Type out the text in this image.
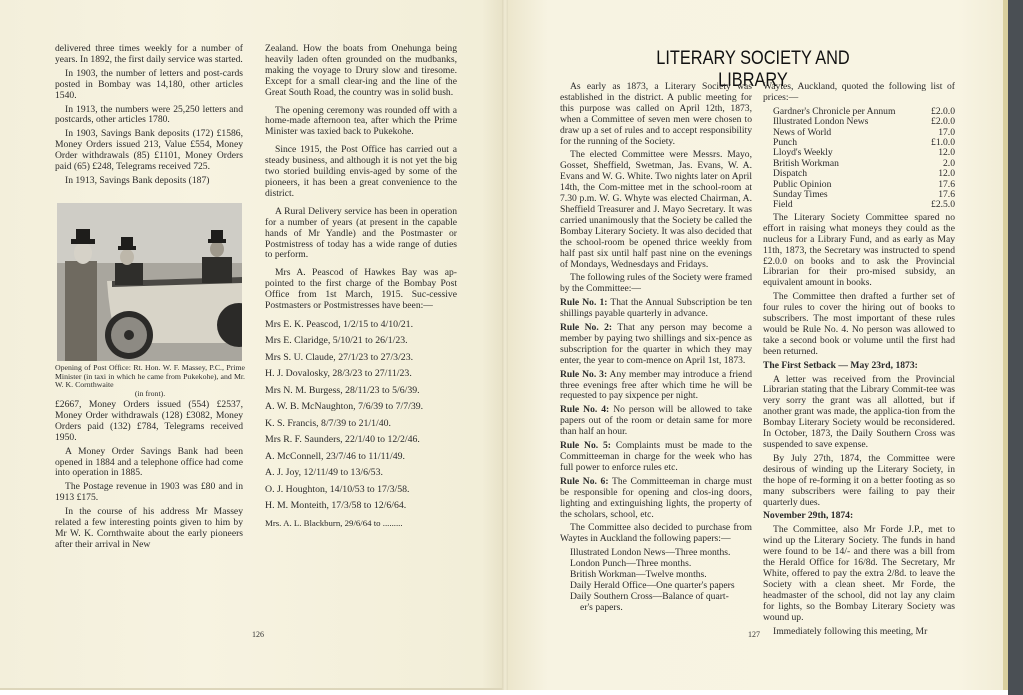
delivered three times weekly for a number of years. In 1892, the first daily service was started.

In 1903, the number of letters and post-cards posted in Bombay was 14,180, other articles 1540.

In 1913, the numbers were 25,250 letters and postcards, other articles 1780.

In 1903, Savings Bank deposits (172) £1586, Money Orders issued 213, Value £554, Money Order withdrawals (85) £1101, Money Orders paid (65) £248, Telegrams received 725.

In 1913, Savings Bank deposits (187)

Opening of Post Office: Rt. Hon. W. F. Massey, P.C., Prime Minister (in taxi in which he came from Pukekohe), and Mr. W. K. Cornthwaite
(in front).

£2667, Money Orders issued (554) £2537, Money Order withdrawals (128) £3082, Money Orders paid (132) £784, Telegrams received 1950.

A Money Order Savings Bank had been opened in 1884 and a telephone office had come into operation in 1885.

The Postage revenue in 1903 was £80 and in 1913 £175.

In the course of his address Mr Massey related a few interesting points given to him by Mr W. K. Cornthwaite about the early pioneers after their arrival in New

Zealand. How the boats from Onehunga being heavily laden often grounded on the mudbanks, making the voyage to Drury slow and tiresome. Except for a small clear-ing and the line of the Great South Road, the country was in solid bush.

The opening ceremony was rounded off with a home-made afternoon tea, after which the Prime Minister was taxied back to Pukekohe.

Since 1915, the Post Office has carried out a steady business, and although it is not yet the big two storied building envis-aged by some of the pioneers, it has been a great convenience to the district.

A Rural Delivery service has been in operation for a number of years (at present in the capable hands of Mr Yandle) and the Postmaster or Postmistress of today has a wide range of duties to perform.

Mrs A. Peascod of Hawkes Bay was ap-pointed to the first charge of the Bombay Post Office from 1st March, 1915. Suc-cessive Postmasters or Postmistresses have been:—

Mrs E. K. Peascod, 1/2/15 to 4/10/21.

Mrs E. Claridge, 5/10/21 to 26/1/23.

Mrs S. U. Claude, 27/1/23 to 27/3/23.

H. J. Dovalosky, 28/3/23 to 27/11/23.

Mrs N. M. Burgess, 28/11/23 to 5/6/39.

A. W. B. McNaughton, 7/6/39 to 7/7/39.

K. S. Francis, 8/7/39 to 21/1/40.

Mrs R. F. Saunders, 22/1/40 to 12/2/46.

A. McConnell, 23/7/46 to 11/11/49.

A. J. Joy, 12/11/49 to 13/6/53.

O. J. Houghton, 14/10/53 to 17/3/58.

H. M. Monteith, 17/3/58 to 12/6/64.

Mrs. A. L. Blackburn, 29/6/64 to .........

126
LITERARY SOCIETY AND LIBRARY

As early as 1873, a Literary Society was established in the district. A public meeting for this purpose was called on April 12th, 1873, when a Committee of seven men were chosen to draw up a set of rules and to accept responsibility for the running of the Society.

The elected Committee were Messrs. Mayo, Gosset, Sheffield, Swetman, Jas. Evans, W. A. Evans and W. G. White. Two nights later on April 14th, the Com-mittee met in the school-room at 7.30 p.m. W. G. Whyte was elected Chairman, A. Sheffield Treasurer and J. Mayo Secretary. It was carried unanimously that the Society be called the Bombay Literary Society. It was also decided that the school-room be opened thrice weekly from half past six until half past nine on the evenings of Mondays, Wednesdays and Fridays.

The following rules of the Society were framed by the Committee:—

Rule No. 1: That the Annual Subscription be ten shillings payable quarterly in advance.

Rule No. 2: That any person may become a member by paying two shillings and six-pence as subscription for the quarter in which they may enter, the year to com-mence on April 1st, 1873.

Rule No. 3: Any member may introduce a friend three evenings free after which time he will be requested to pay sixpence per night.

Rule No. 4: No person will be allowed to take papers out of the room or detain same for more than half an hour.

Rule No. 5: Complaints must be made to the Committeeman in charge for the week who has full power to enforce rules etc.

Rule No. 6: The Committeeman in charge must be responsible for opening and clos-ing doors, lighting and extinguishing lights, the property of the scholars, school, etc.

The Committee also decided to purchase from Waytes in Auckland the following papers:—

Illustrated London News—Three months.

London Punch—Three months.

British Workman—Twelve months.

Daily Herald Office—One quarter's papers

Daily Southern Cross—Balance of quart-

er's papers.

Waytes, Auckland, quoted the following list of prices:—

Gardner's Chronicle per Annum	£2.0.0
Illustrated London News	£2.0.0
News of World	17.0
Punch	£1.0.0
Lloyd's Weekly	12.0
British Workman	2.0
Dispatch	12.0
Public Opinion	17.6
Sunday Times	17.6
Field	£2.5.0

The Literary Society Committee spared no effort in raising what moneys they could as the nucleus for a Library Fund, and as early as May 11th, 1873, the Secretary was instructed to spend £2.0.0 on books and to ask the Provincial Librarian for their pro-mised subsidy, an equivalent amount in books.

The Committee then drafted a further set of four rules to cover the hiring out of books to subscribers. The most important of these rules would be Rule No. 4. No person was allowed to take a second book or volume until the first had been returned.

The First Setback — May 23rd, 1873:

A letter was received from the Provincial Librarian stating that the Library Commit-tee was very sorry the grant was all allotted, but if another grant was made, the applica-tion from the Bombay Literary Society would be reconsidered. In October, 1873, the Daily Southern Cross was suspended to save expense.

By July 27th, 1874, the Committee were desirous of winding up the Literary Society, in the hope of re-forming it on a better footing as so many subscribers were failing to pay their quarterly dues.

November 29th, 1874:

The Committee, also Mr Forde J.P., met to wind up the Literary Society. The funds in hand were found to be 14/- and there was a bill from the Herald Office for 16/8d. The Secretary, Mr White, offered to pay the extra 2/8d. to leave the Society with a clean sheet. Mr Forde, the headmaster of the school, did not lay any claim for lights, so the Bombay Literary Society was wound up.

Immediately following this meeting, Mr

127
